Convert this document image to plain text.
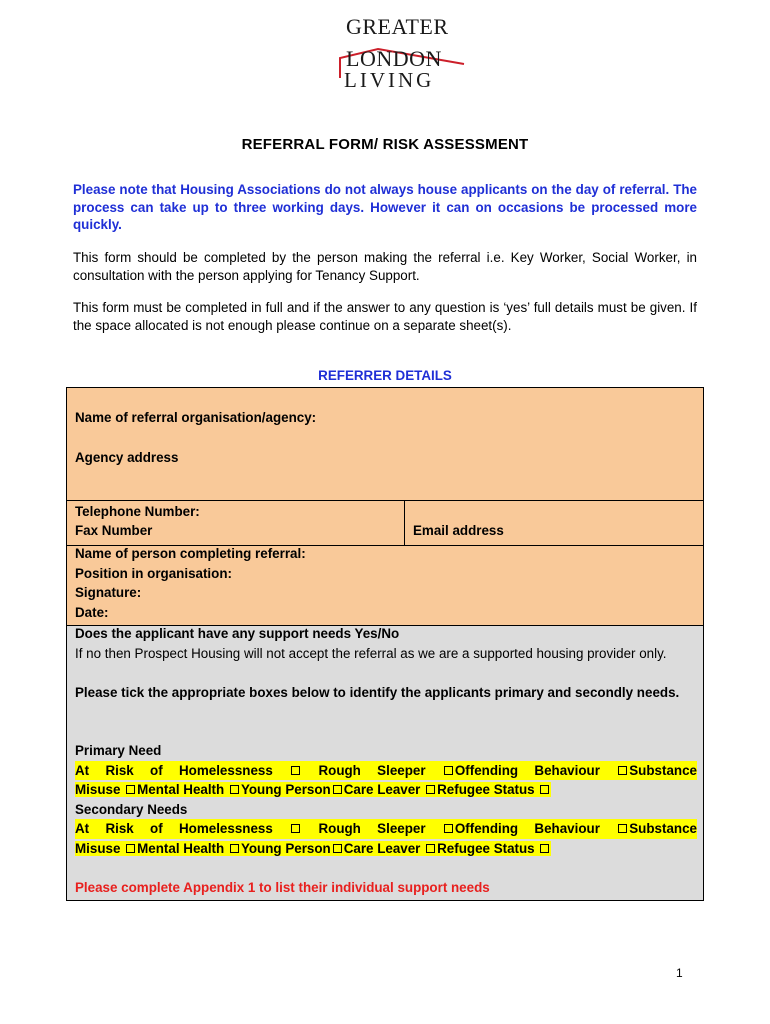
GREATER
LONDON
LIVING
REFERRAL FORM/ RISK ASSESSMENT
Please note that Housing Associations do not always house applicants on the day of referral. The process can take up to three working days. However it can on occasions be processed more quickly.
This form should be completed by the person making the referral i.e. Key Worker, Social Worker, in consultation with the person applying for Tenancy Support.
This form must be completed in full and if the answer to any question is ‘yes’ full details must be given. If the space allocated is not enough please continue on a separate sheet(s).
REFERRER DETAILS
Name of referral organisation/agency:
Agency address
Telephone Number:
Fax Number	Email address
Name of person completing referral:
Position in organisation:
Signature:
Date:
Does the applicant have any support needs Yes/No
If no then Prospect Housing will not accept the referral as we are a supported housing provider only.
Please tick the appropriate boxes below to identify the applicants primary and secondly needs.
Primary Need
At Risk of Homelessness	Rough Sleeper Offending Behaviour Substance
Misuse Mental Health Young Person Care Leaver Refugee Status
Secondary Needs
At Risk of Homelessness	Rough Sleeper Offending Behaviour Substance
Misuse Mental Health Young Person Care Leaver Refugee Status
Please complete Appendix 1 to list their individual support needs
1
